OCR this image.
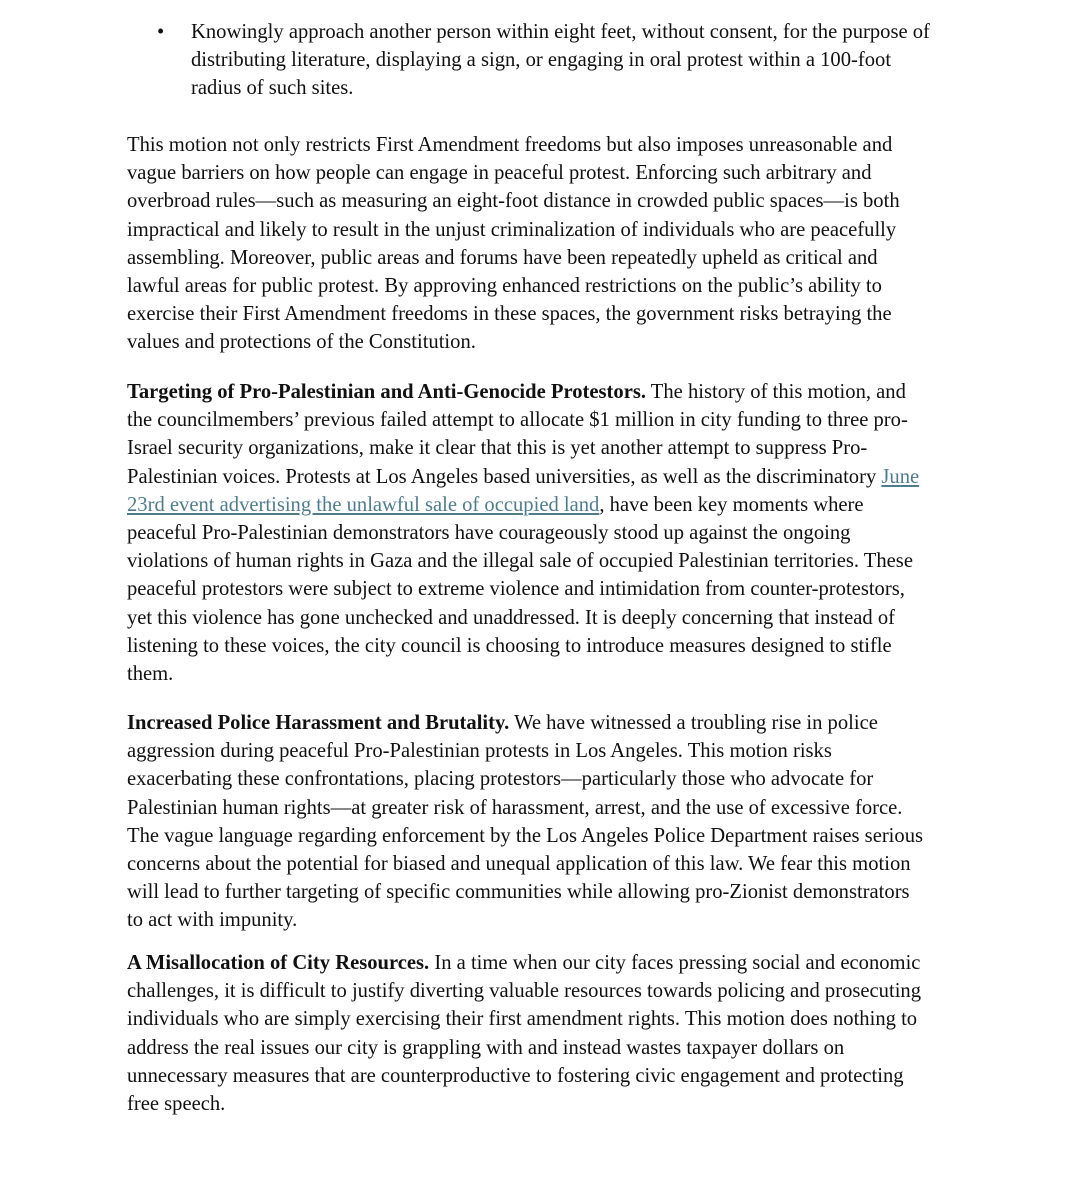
• Knowingly approach another person within eight feet, without consent, for the purpose of
distributing literature, displaying a sign, or engaging in oral protest within a 100-foot
radius of such sites.
This motion not only restricts First Amendment freedoms but also imposes unreasonable and
vague barriers on how people can engage in peaceful protest. Enforcing such arbitrary and
overbroad rules—such as measuring an eight-foot distance in crowded public spaces—is both
impractical and likely to result in the unjust criminalization of individuals who are peacefully
assembling. Moreover, public areas and forums have been repeatedly upheld as critical and
lawful areas for public protest. By approving enhanced restrictions on the public’s ability to
exercise their First Amendment freedoms in these spaces, the government risks betraying the
values and protections of the Constitution.
Targeting of Pro-Palestinian and Anti-Genocide Protestors. The history of this motion, and
the councilmembers’ previous failed attempt to allocate $1 million in city funding to three pro-
Israel security organizations, make it clear that this is yet another attempt to suppress Pro-
Palestinian voices. Protests at Los Angeles based universities, as well as the discriminatory June
23rd event advertising the unlawful sale of occupied land, have been key moments where
peaceful Pro-Palestinian demonstrators have courageously stood up against the ongoing
violations of human rights in Gaza and the illegal sale of occupied Palestinian territories. These
peaceful protestors were subject to extreme violence and intimidation from counter-protestors,
yet this violence has gone unchecked and unaddressed. It is deeply concerning that instead of
listening to these voices, the city council is choosing to introduce measures designed to stifle
them.
Increased Police Harassment and Brutality. We have witnessed a troubling rise in police
aggression during peaceful Pro-Palestinian protests in Los Angeles. This motion risks
exacerbating these confrontations, placing protestors—particularly those who advocate for
Palestinian human rights—at greater risk of harassment, arrest, and the use of excessive force.
The vague language regarding enforcement by the Los Angeles Police Department raises serious
concerns about the potential for biased and unequal application of this law. We fear this motion
will lead to further targeting of specific communities while allowing pro-Zionist demonstrators
to act with impunity.
A Misallocation of City Resources. In a time when our city faces pressing social and economic
challenges, it is difficult to justify diverting valuable resources towards policing and prosecuting
individuals who are simply exercising their first amendment rights. This motion does nothing to
address the real issues our city is grappling with and instead wastes taxpayer dollars on
unnecessary measures that are counterproductive to fostering civic engagement and protecting
free speech.
